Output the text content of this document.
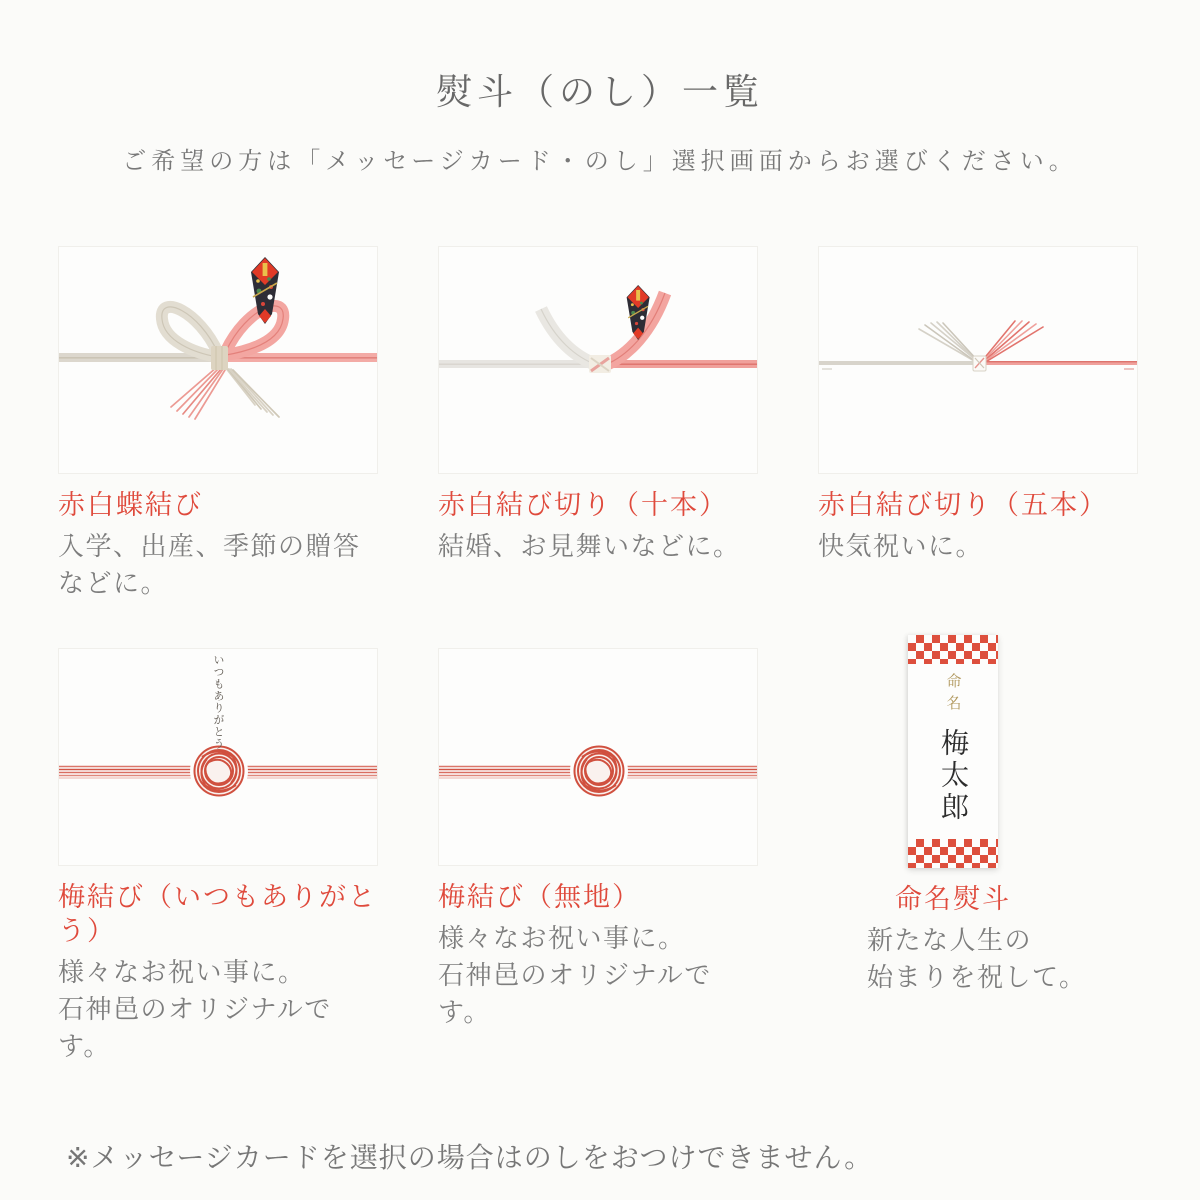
熨斗（のし）一覧

ご希望の方は「メッセージカード・のし」選択画面からお選びください。

赤白蝶結び
入学、出産、季節の贈答
などに。
赤白結び切り（十本）
結婚、お見舞いなどに。
赤白結び切り（五本）
快気祝いに。
いつもありがとう
梅結び（いつもありがとう）
様々なお祝い事に。
石神邑のオリジナルです。
梅結び（無地）
様々なお祝い事に。
石神邑のオリジナルです。
命名
梅太郎
命名熨斗
新たな人生の
始まりを祝して。
※メッセージカードを選択の場合はのしをおつけできません。
